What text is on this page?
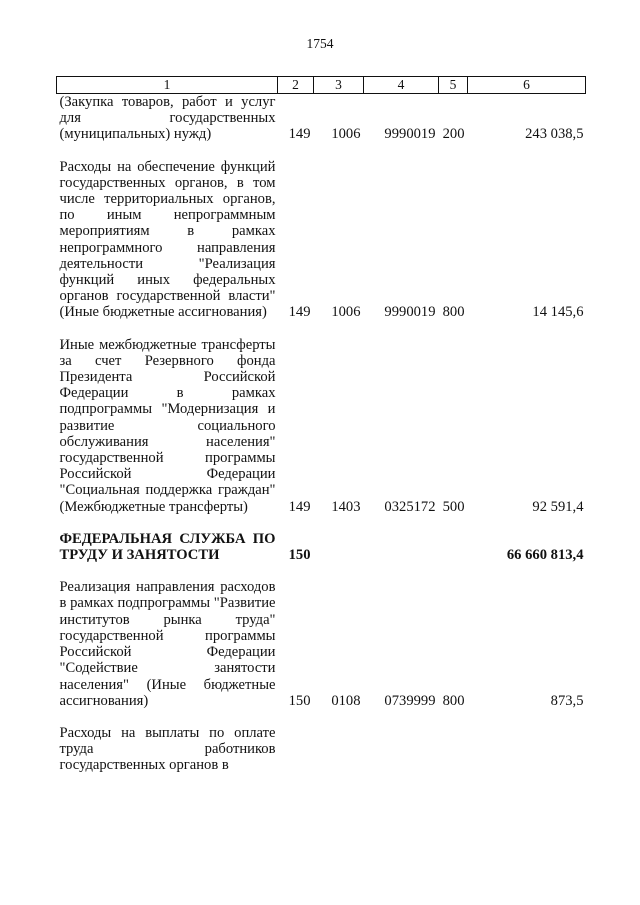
1754
1	2	3	4	5	6
(Закупка товаров, работ и услуг для государственных (муниципальных) нужд)	149	1006	9990019	200	243 038,5
Расходы на обеспечение функций государственных органов, в том числе территориальных органов, по иным непрограммным мероприятиям в рамках непрограммного направления деятельности "Реализация функций иных федеральных органов государственной власти" (Иные бюджетные ассигнования)	149	1006	9990019	800	14 145,6
Иные межбюджетные трансферты за счет Резервного фонда Президента Российской Федерации в рамках подпрограммы "Модернизация и развитие социального обслуживания населения" государственной программы Российской Федерации "Социальная поддержка граждан" (Межбюджетные трансферты)	149	1403	0325172	500	92 591,4
ФЕДЕРАЛЬНАЯ СЛУЖБА ПО ТРУДУ И ЗАНЯТОСТИ	150				66 660 813,4
Реализация направления расходов в рамках подпрограммы "Развитие институтов рынка труда" государственной программы Российской Федерации "Содействие занятости населения" (Иные бюджетные ассигнования)	150	0108	0739999	800	873,5
Расходы на выплаты по оплате труда работников государственных органов в					
